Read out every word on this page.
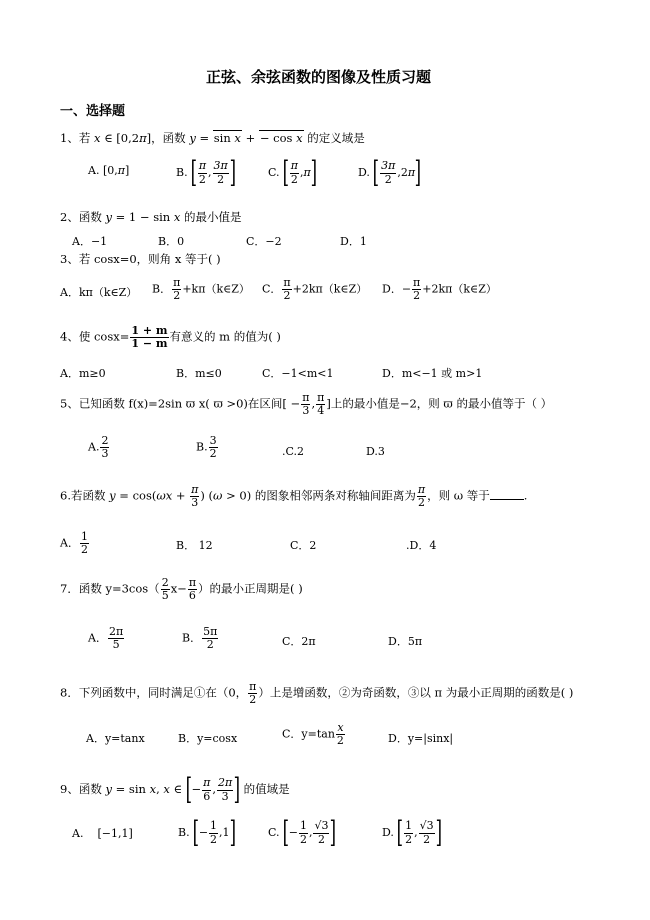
正弦、余弦函数的图像及性质习题
一、选择题
1、若 x ∈ [0,2π]，函数 y = sin x + − cos x 的定义域是
A. [0,π]	B. [ $\frac{\pi}{2}$ , $\frac{3\pi}{2}$ ]	C. [ $\frac{\pi}{2} ,\pi$]	D. [ $\frac{3\pi}{2} ,2\pi$]
2、函数 y = 1 − sin x 的最小值是
A．−1	B．0	C．−2	D．1
3、若 cosx=0，则角 x 等于( )
A．kπ（k∈Z） B． $\frac{\pi}{2}$ +kπ（k∈Z） C． $\frac{\pi}{2}$ +2kπ（k∈Z） D．− $\frac{\pi}{2}$ +2kπ（k∈Z）
4、使 $\cos x= \frac{1 + m}{1 - m}$ 有意义的 m 的值为( )
A．m≥0	B．m≤0	C．−1<m<1	D．m<−1 或 m>1
5、已知函数 f(x)=2sin ϖ x( ϖ >0)在区间[ − $\frac{\pi}{3}$ , $\frac{\pi}{4}$ ]上的最小值是−2，则 ϖ 的最小值等于（ ）
A. $\frac{2}{3}$	B. $\frac{3}{2}$	.C.2	D.3
6.若函数 $y = \cos(\omega x + \frac{\pi}{3}$ ) (ω > 0) 的图象相邻两条对称轴间距离为 $\frac{\pi}{2}$ ，则 ω 等于	.
A． $\frac{1}{2}$	B． 12	C．2	.D．4
7．函数 $y=3\cos( \frac{2}{5} x- \frac{\pi}{6}$ ）的最小正周期是( )
A． $\frac{2\pi}{5}$	B． $\frac{5\pi}{2}$	C．2π	D．5π
8．下列函数中，同时满足①在（0， $\frac{\pi}{2}$ ）上是增函数，②为奇函数，③以 π 为最小正周期的函数是( )
A．y=tanx	B．y=cosx	C．$y=\tan \frac{x}{2}$	D．y=|sinx|
9、函数 y = sin x, x ∈ [− $\frac{\pi}{6}$ , $\frac{2\pi}{3}$ ] 的值域是
A. [−1,1]	B. [− $\frac{1}{2} ,1$]	C. [− $\frac{1}{2}$ , $\frac{√3}{2}$ ]	D. [ $\frac{1}{2}$ , $\frac{√3}{2}$ ]
